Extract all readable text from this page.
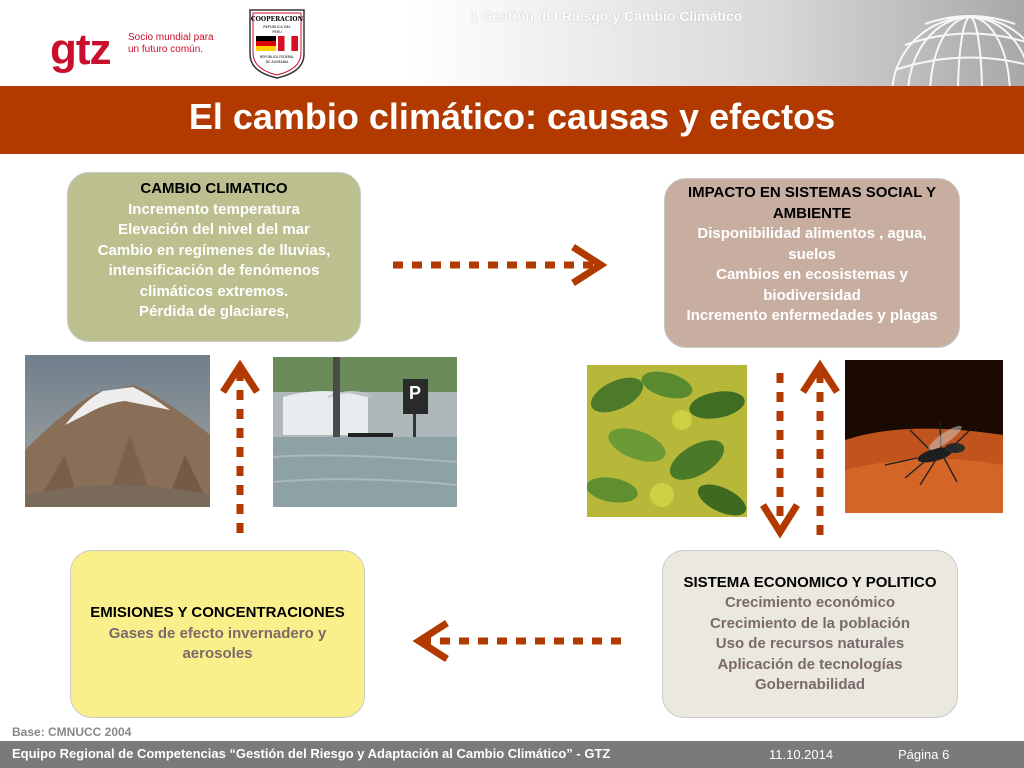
gtz Socio mundial para
un futuro común.
COOPERACION
REPUBLICA DEL
PERU
REPUBLICA FEDERAL
DE ALEMANIA
1 Gestión del Riesgo y Cambio Climático
El cambio climático: causas y efectos
CAMBIO CLIMATICO
Incremento temperatura
Elevación del nivel del mar
Cambio en regímenes de lluvias, intensificación de fenómenos climáticos extremos.
Pérdida de glaciares,
IMPACTO EN SISTEMAS SOCIAL Y AMBIENTE
Disponibilidad alimentos , agua, suelos
Cambios en ecosistemas y biodiversidad
Incremento enfermedades y plagas
EMISIONES Y CONCENTRACIONES
Gases de efecto invernadero y aerosoles
SISTEMA ECONOMICO Y POLITICO
Crecimiento económico
Crecimiento de la población
Uso de recursos naturales
Aplicación de tecnologías
Gobernabilidad
P
Base: CMNUCC 2004
Equipo Regional de Competencias “Gestión del Riesgo y Adaptación al Cambio Climático” - GTZ	11.10.2014	Página 6
